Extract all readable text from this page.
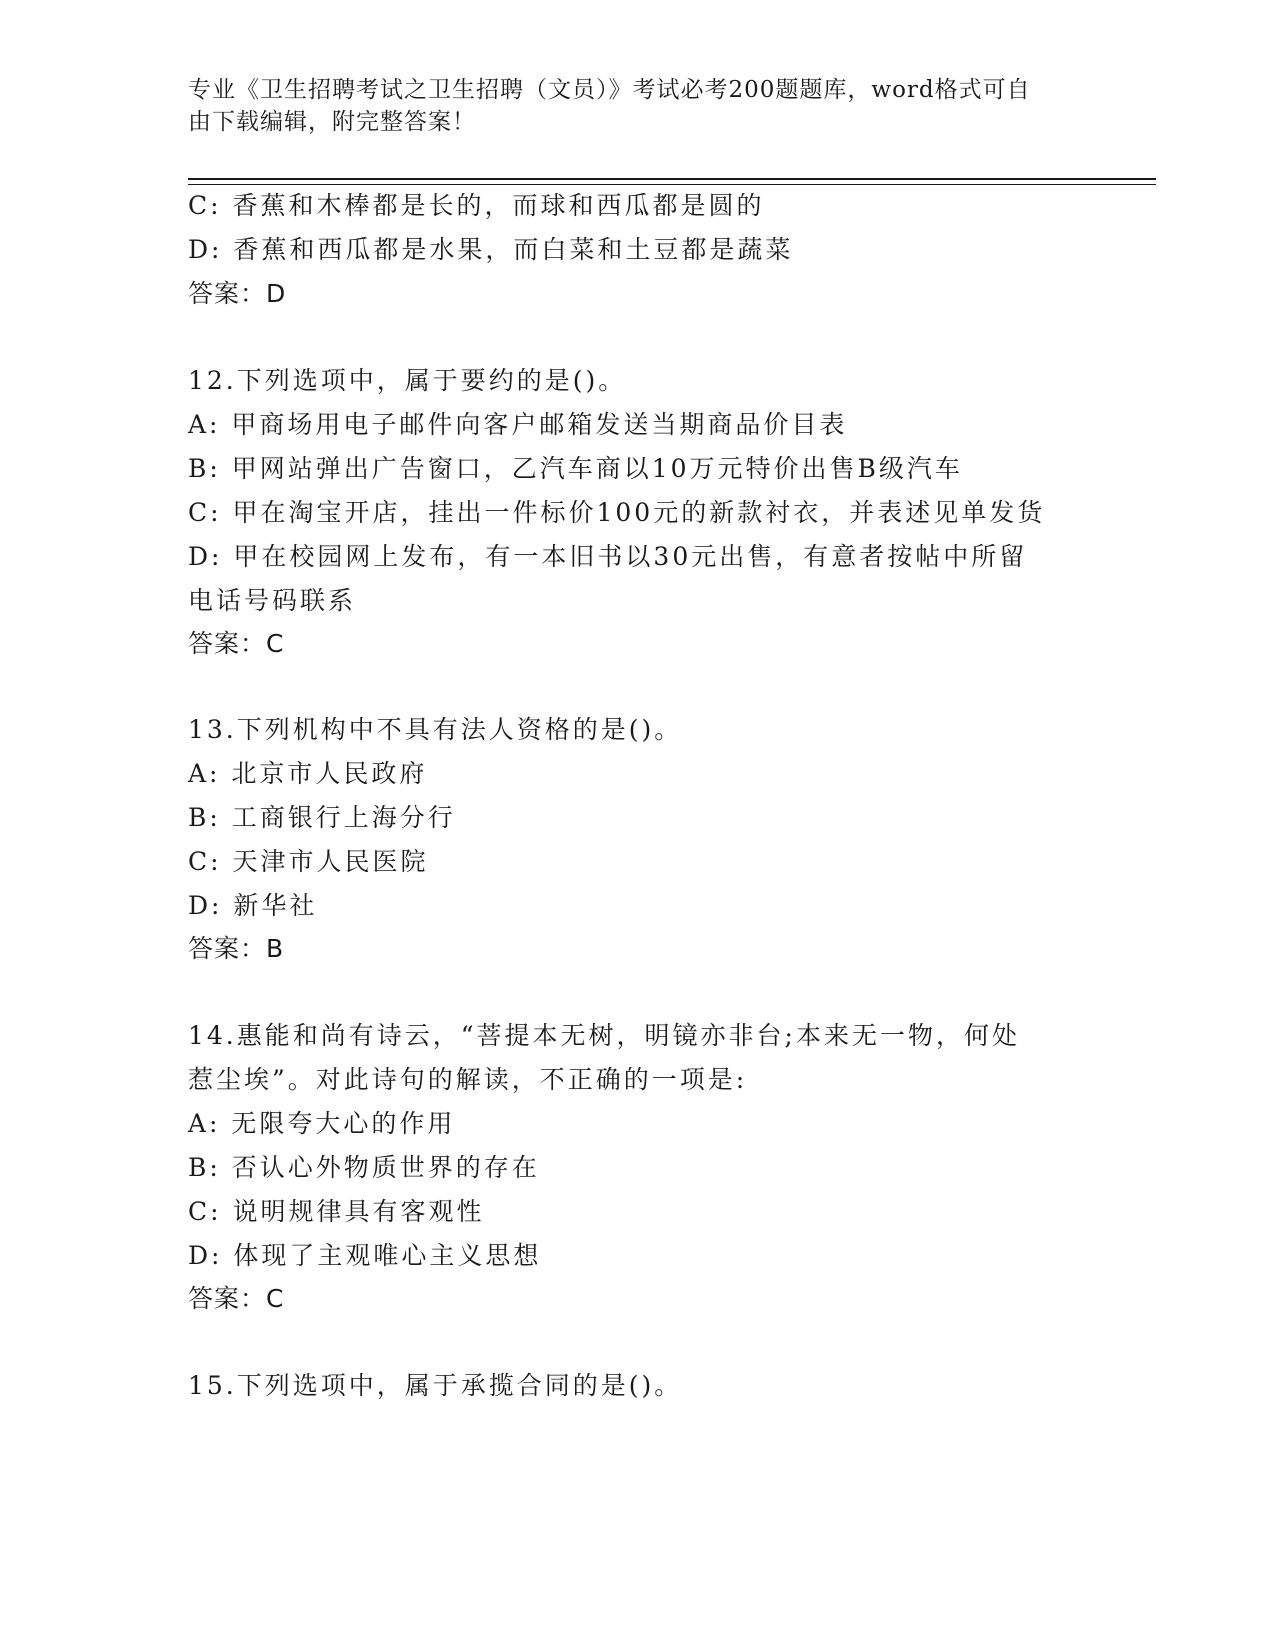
专业《卫生招聘考试之卫生招聘（文员）》考试必考200题题库，word格式可自
由下载编辑，附完整答案！
C: 香蕉和木棒都是长的，而球和西瓜都是圆的
D: 香蕉和西瓜都是水果，而白菜和土豆都是蔬菜
答案：D
12.下列选项中，属于要约的是()。
A: 甲商场用电子邮件向客户邮箱发送当期商品价目表
B: 甲网站弹出广告窗口，乙汽车商以10万元特价出售B级汽车
C: 甲在淘宝开店，挂出一件标价100元的新款衬衣，并表述见单发货
D: 甲在校园网上发布，有一本旧书以30元出售，有意者按帖中所留
电话号码联系
答案：C
13.下列机构中不具有法人资格的是()。
A: 北京市人民政府
B: 工商银行上海分行
C: 天津市人民医院
D: 新华社
答案：B
14.惠能和尚有诗云，“菩提本无树，明镜亦非台;本来无一物，何处
惹尘埃”。对此诗句的解读，不正确的一项是:
A: 无限夸大心的作用
B: 否认心外物质世界的存在
C: 说明规律具有客观性
D: 体现了主观唯心主义思想
答案：C
15.下列选项中，属于承揽合同的是()。
